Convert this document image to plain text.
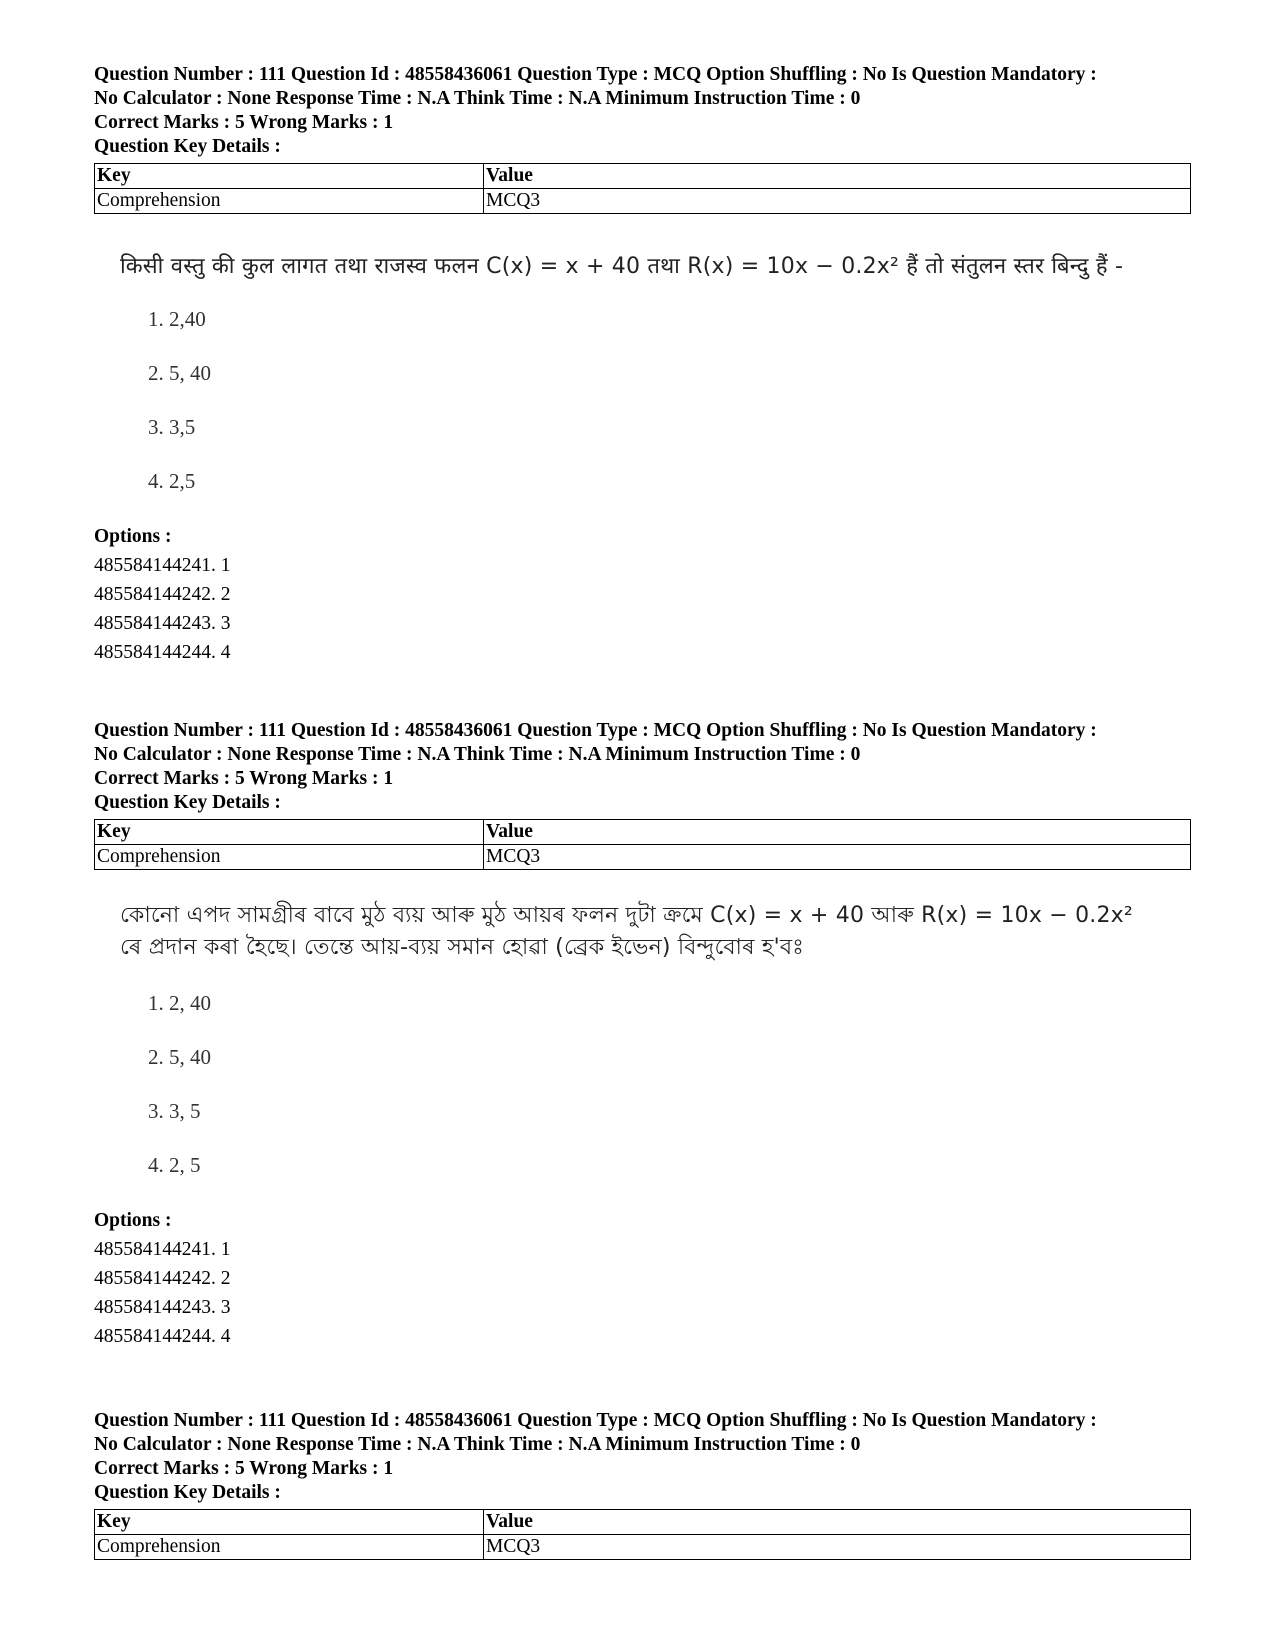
Question Number : 111 Question Id : 48558436061 Question Type : MCQ Option Shuffling : No Is Question Mandatory :

No Calculator : None Response Time : N.A Think Time : N.A Minimum Instruction Time : 0

Correct Marks : 5 Wrong Marks : 1

Question Key Details :

Key	Value
Comprehension	MCQ3
किसी वस्तु की कुल लागत तथा राजस्व फलन C(x) = x + 40 तथा R(x) = 10x − 0.2x² हैं तो संतुलन स्तर बिन्दु हैं -
1. 2,40
2. 5, 40
3. 3,5
4. 2,5

Options :

485584144241. 1

485584144242. 2

485584144243. 3

485584144244. 4

Question Number : 111 Question Id : 48558436061 Question Type : MCQ Option Shuffling : No Is Question Mandatory :

No Calculator : None Response Time : N.A Think Time : N.A Minimum Instruction Time : 0

Correct Marks : 5 Wrong Marks : 1

Question Key Details :

Key	Value
Comprehension	MCQ3
কোনো এপদ সামগ্ৰীৰ বাবে মুঠ ব্যয় আৰু মুঠ আয়ৰ ফলন দুটা ক্ৰমে C(x) = x + 40 আৰু R(x) = 10x − 0.2x²
ৰে প্ৰদান কৰা হৈছে। তেন্তে আয়-ব্যয় সমান হোৱা (ব্ৰেক ইভেন) বিন্দুবোৰ হ'বঃ
1. 2, 40
2. 5, 40
3. 3, 5
4. 2, 5

Options :

485584144241. 1

485584144242. 2

485584144243. 3

485584144244. 4

Question Number : 111 Question Id : 48558436061 Question Type : MCQ Option Shuffling : No Is Question Mandatory :

No Calculator : None Response Time : N.A Think Time : N.A Minimum Instruction Time : 0

Correct Marks : 5 Wrong Marks : 1

Question Key Details :

Key	Value
Comprehension	MCQ3
